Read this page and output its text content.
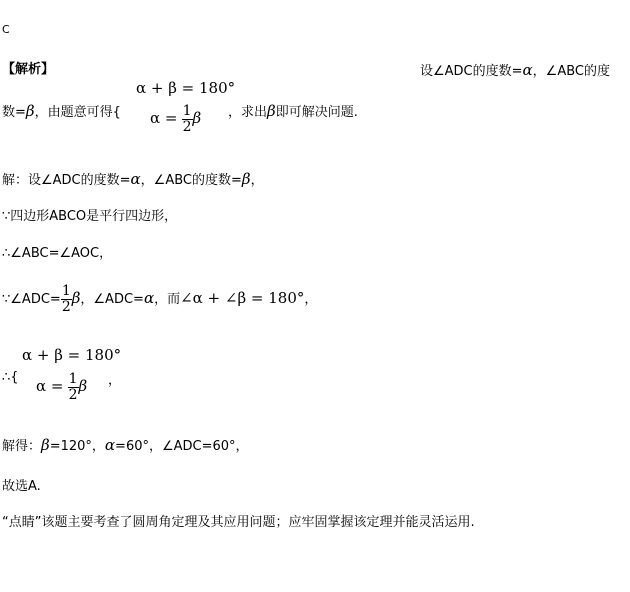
C
【解析】	设∠ADC的度数=α，∠ABC的度
α + β = 180°
数=β，由题意可得{ $\alpha = \frac{1}{2}$ β ，求出β即可解决问题.
解：设∠ADC的度数=α，∠ABC的度数=β，
∵四边形ABCO是平行四边形，
∴∠ABC=∠AOC，
∵∠ADC= $\frac{1}{2}$ β，∠ADC=α，而∠α + ∠β = 180°，
α + β = 180°
∴{ $\alpha = \frac{1}{2}$ β ，
解得：β=120°，α=60°，∠ADC=60°，
故选A.
“点睛”该题主要考查了圆周角定理及其应用问题；应牢固掌握该定理并能灵活运用.
